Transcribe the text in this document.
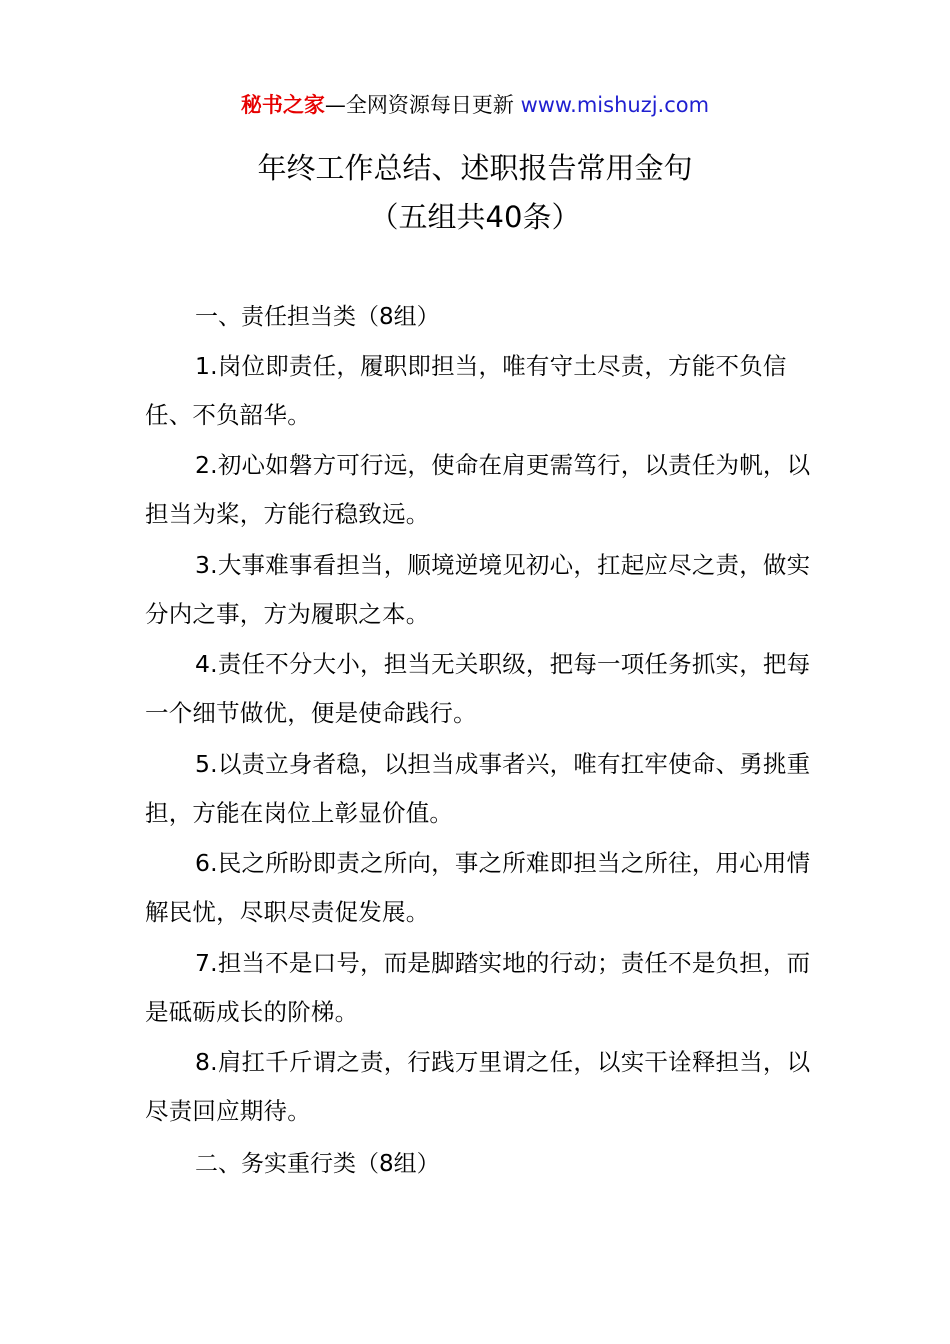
秘书之家—全网资源每日更新 www.mishuzj.com
年终工作总结、述职报告常用金句
（五组共40条）
一、责任担当类（8组）
1.岗位即责任，履职即担当，唯有守土尽责，方能不负信任、不负韶华。
2.初心如磐方可行远，使命在肩更需笃行，以责任为帆，以担当为桨，方能行稳致远。
3.大事难事看担当，顺境逆境见初心，扛起应尽之责，做实分内之事，方为履职之本。
4.责任不分大小，担当无关职级，把每一项任务抓实，把每一个细节做优，便是使命践行。
5.以责立身者稳，以担当成事者兴，唯有扛牢使命、勇挑重担，方能在岗位上彰显价值。
6.民之所盼即责之所向，事之所难即担当之所往，用心用情解民忧，尽职尽责促发展。
7.担当不是口号，而是脚踏实地的行动；责任不是负担，而是砥砺成长的阶梯。
8.肩扛千斤谓之责，行践万里谓之任，以实干诠释担当，以尽责回应期待。
二、务实重行类（8组）
